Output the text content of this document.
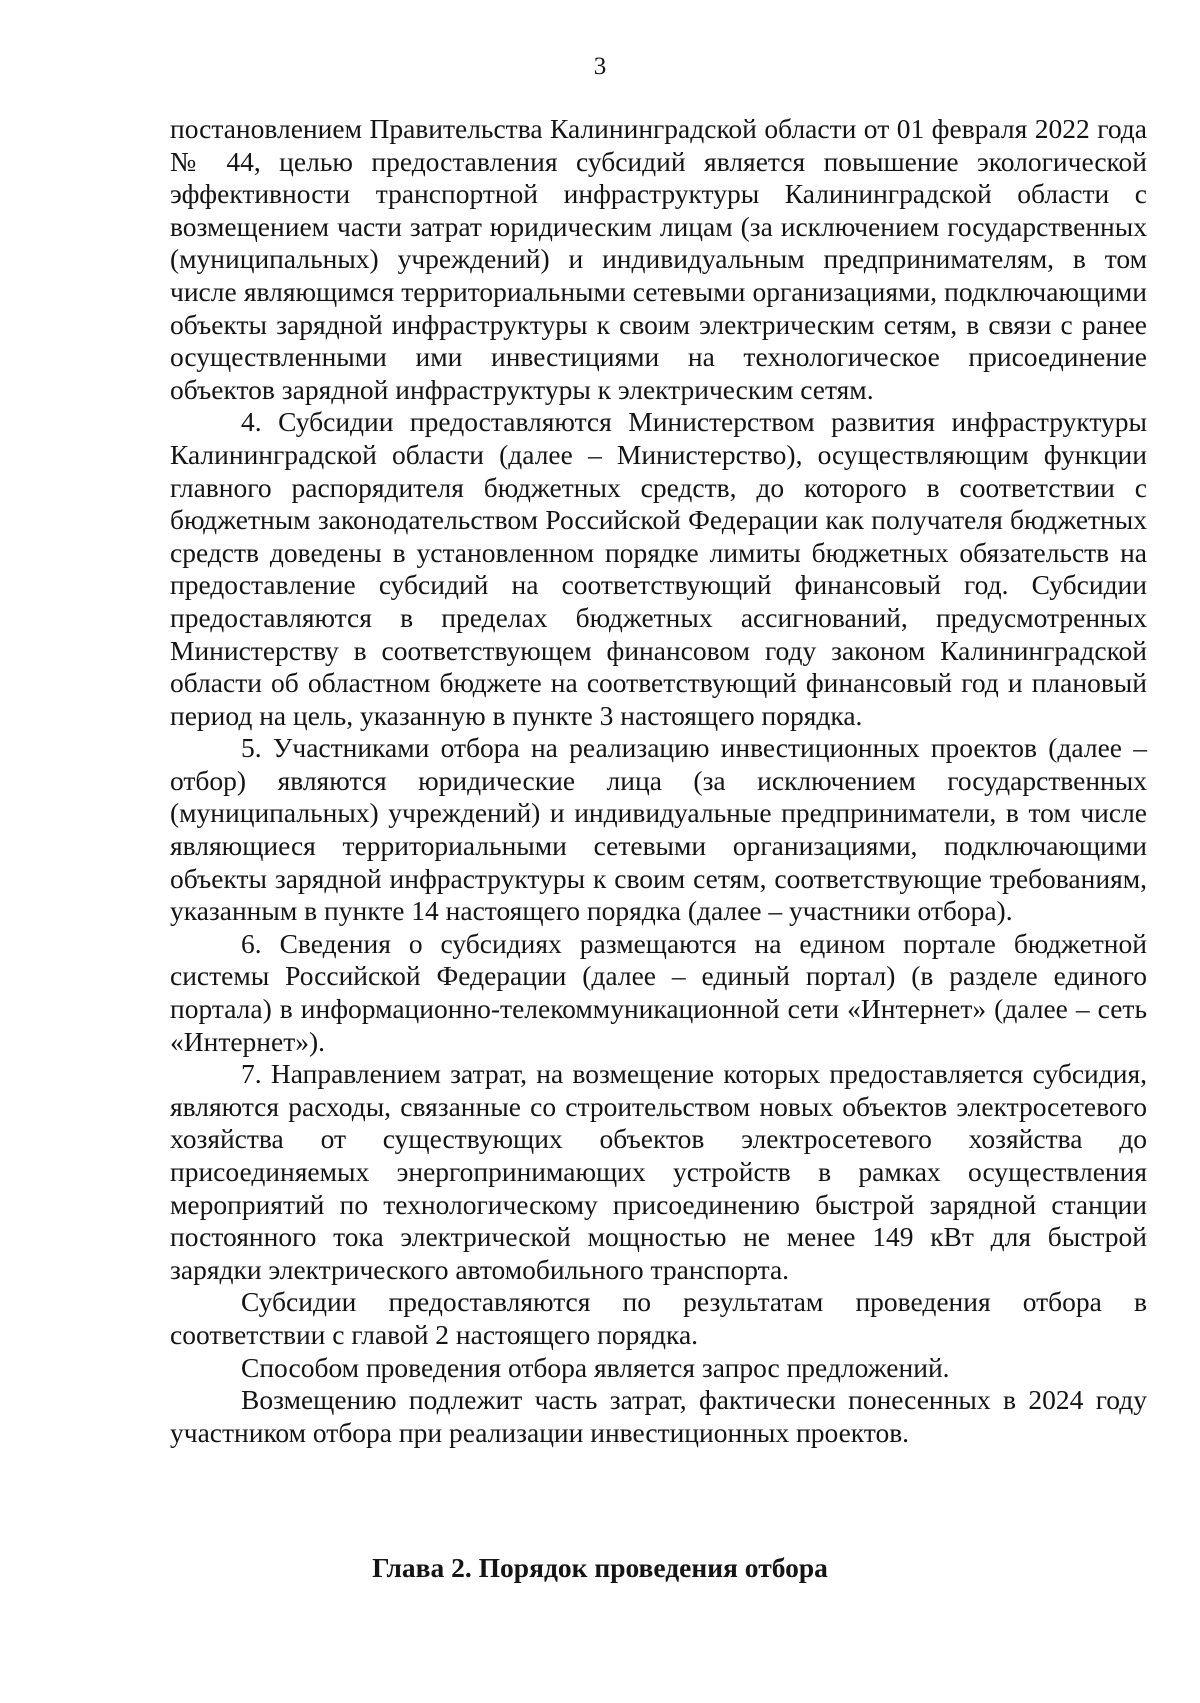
3

постановлением Правительства Калининградской области от 01 февраля 2022 года № 44, целью предоставления субсидий является повышение экологической эффективности транспортной инфраструктуры Калининградской области с возмещением части затрат юридическим лицам (за исключением государственных (муниципальных) учреждений) и индивидуальным предпринимателям, в том числе являющимся территориальными сетевыми организациями, подключающими объекты зарядной инфраструктуры к своим электрическим сетям, в связи с ранее осуществленными ими инвестициями на технологическое присоединение объектов зарядной инфраструктуры к электрическим сетям.

4. Субсидии предоставляются Министерством развития инфраструктуры Калининградской области (далее – Министерство), осуществляющим функции главного распорядителя бюджетных средств, до которого в соответствии с бюджетным законодательством Российской Федерации как получателя бюджетных средств доведены в установленном порядке лимиты бюджетных обязательств на предоставление субсидий на соответствующий финансовый год. Субсидии предоставляются в пределах бюджетных ассигнований, предусмотренных Министерству в соответствующем финансовом году законом Калининградской области об областном бюджете на соответствующий финансовый год и плановый период на цель, указанную в пункте 3 настоящего порядка.

5. Участниками отбора на реализацию инвестиционных проектов (далее – отбор) являются юридические лица (за исключением государственных (муниципальных) учреждений) и индивидуальные предприниматели, в том числе являющиеся территориальными сетевыми организациями, подключающими объекты зарядной инфраструктуры к своим сетям, соответствующие требованиям, указанным в пункте 14 настоящего порядка (далее – участники отбора).

6. Сведения о субсидиях размещаются на едином портале бюджетной системы Российской Федерации (далее – единый портал) (в разделе единого портала) в информационно-телекоммуникационной сети «Интернет» (далее – сеть «Интернет»).

7. Направлением затрат, на возмещение которых предоставляется субсидия, являются расходы, связанные со строительством новых объектов электросетевого хозяйства от существующих объектов электросетевого хозяйства до присоединяемых энергопринимающих устройств в рамках осуществления мероприятий по технологическому присоединению быстрой зарядной станции постоянного тока электрической мощностью не менее 149 кВт для быстрой зарядки электрического автомобильного транспорта.

Субсидии предоставляются по результатам проведения отбора в соответствии с главой 2 настоящего порядка.

Способом проведения отбора является запрос предложений.

Возмещению подлежит часть затрат, фактически понесенных в 2024 году участником отбора при реализации инвестиционных проектов.

Глава 2. Порядок проведения отбора
